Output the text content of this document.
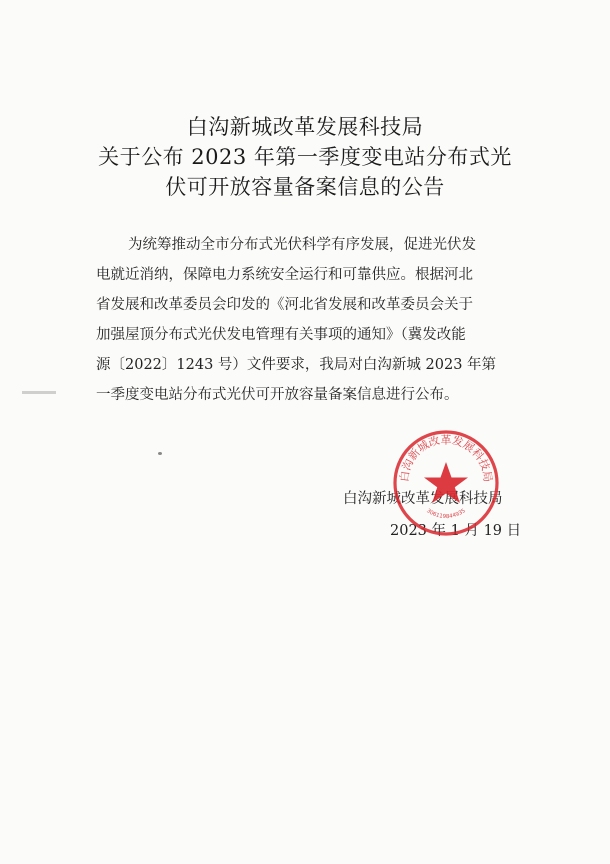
白沟新城改革发展科技局
关于公布 2023 年第一季度变电站分布式光
伏可开放容量备案信息的公告
为统筹推动全市分布式光伏科学有序发展，促进光伏发
电就近消纳，保障电力系统安全运行和可靠供应。根据河北
省发展和改革委员会印发的《河北省发展和改革委员会关于
加强屋顶分布式光伏发电管理有关事项的通知》（冀发改能
源〔2022〕1243 号）文件要求，我局对白沟新城 2023 年第
一季度变电站分布式光伏可开放容量备案信息进行公布。
白沟新城改革发展科技局
2023 年 1 月 19 日
白沟新城改革发展科技局
306119844935
